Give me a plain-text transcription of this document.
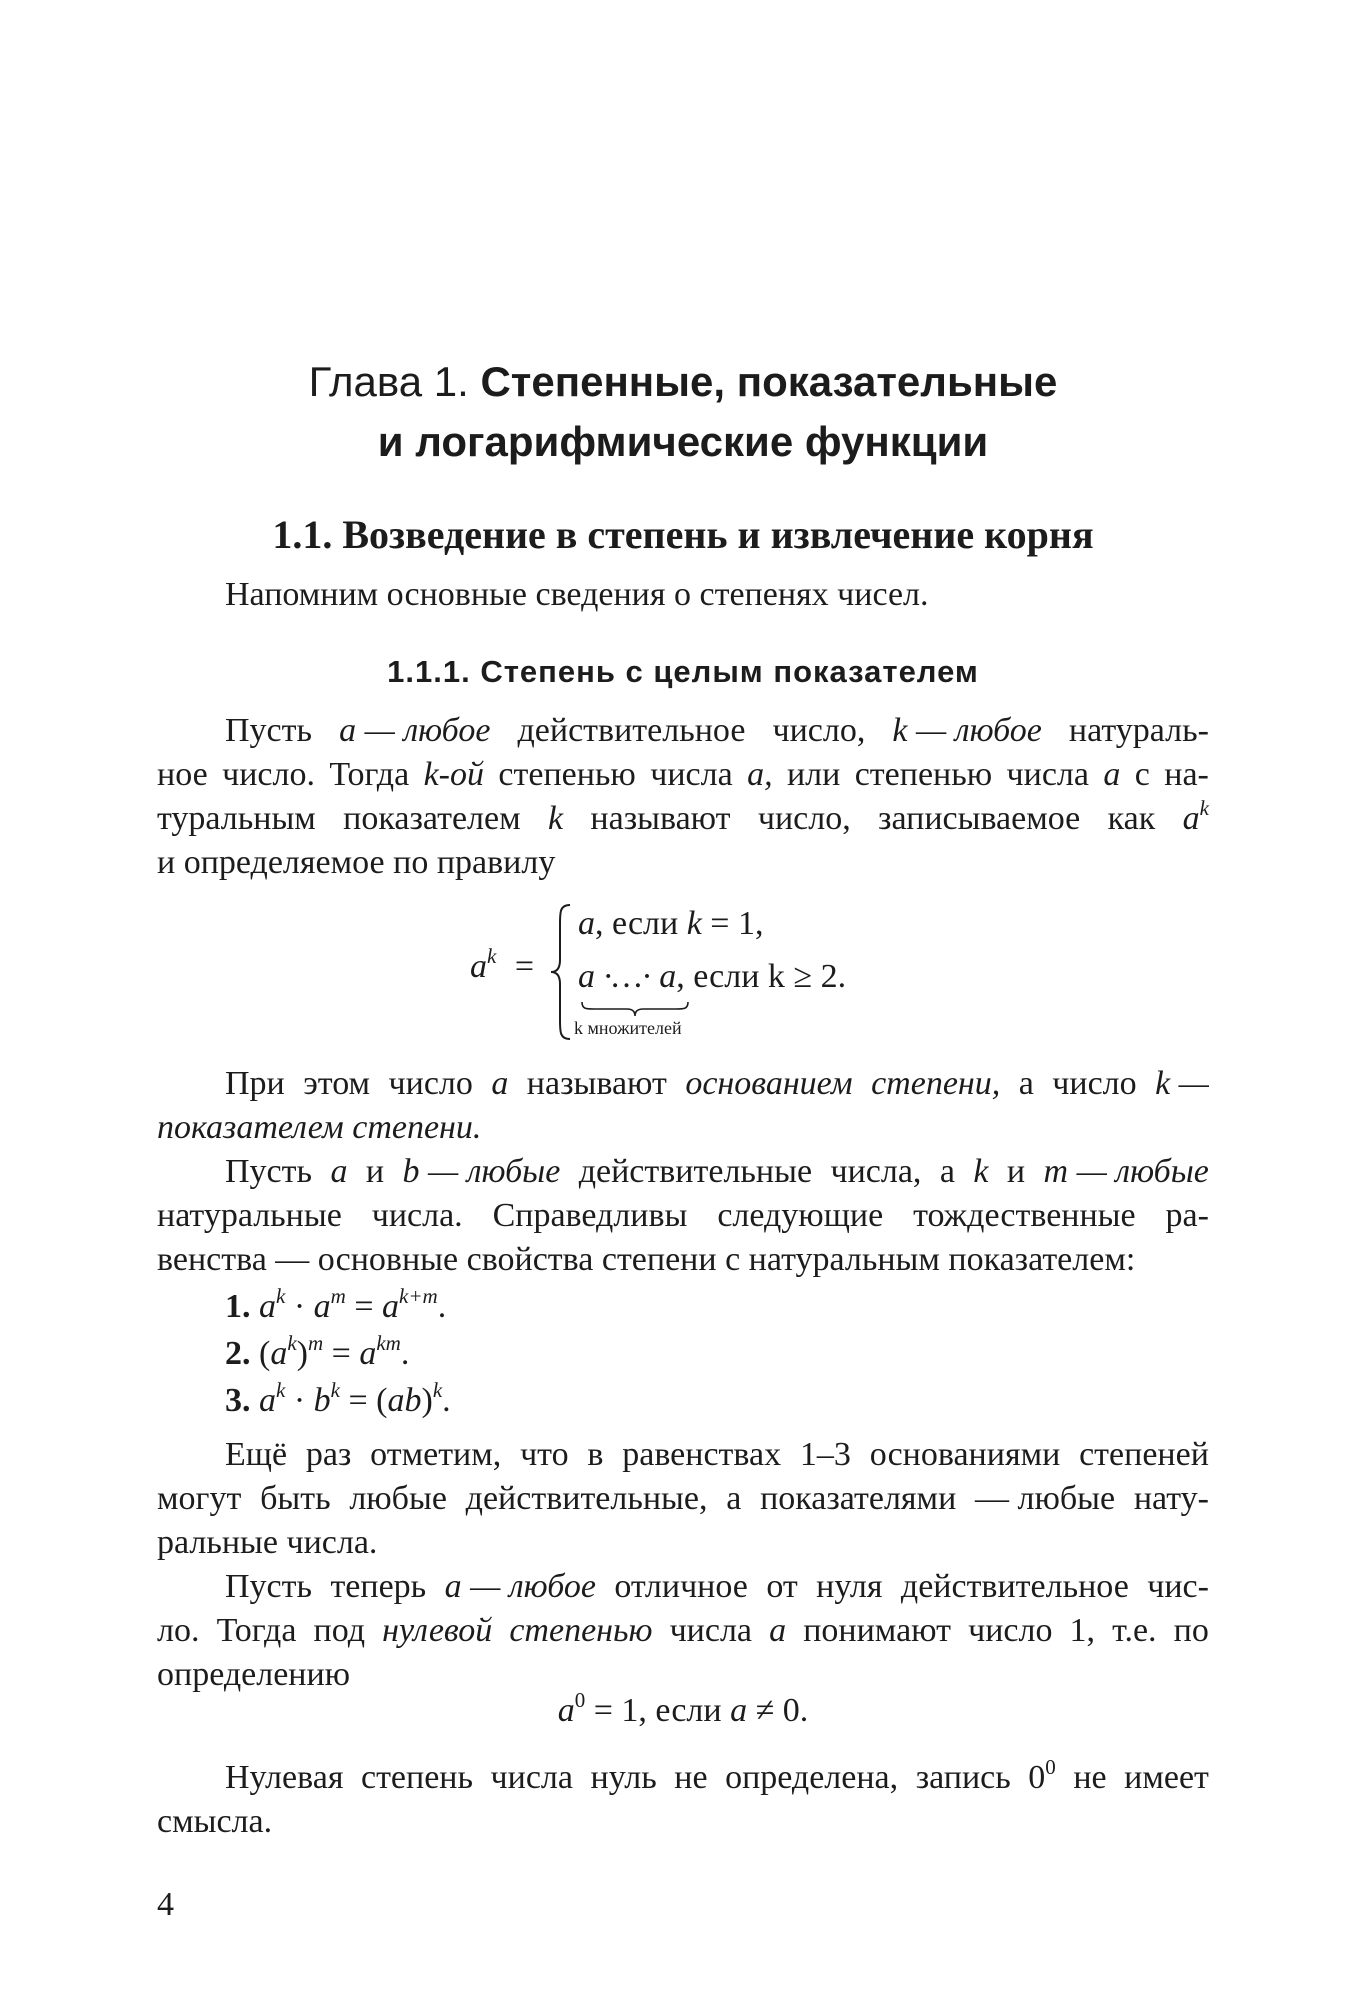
Глава 1. Степенные, показательные
и логарифмические функции
1.1. Возведение в степень и извлечение корня
Напомним основные сведения о степенях чисел.
1.1.1. Степень с целым показателем
Пусть a — любое действительное число, k — любое натураль-
ное число. Тогда k-ой степенью числа a, или степенью числа a с на-
туральным показателем k называют число, записываемое как $a^k$
и определяемое по правилу
$a^k$ =
a, если k = 1,
a ·…· a, если k ≥ 2.
k множителей
При этом число a называют основанием степени, а число k —
показателем степени.
Пусть a и b — любые действительные числа, а k и m — любые
натуральные числа. Справедливы следующие тождественные ра-
венства — основные свойства степени с натуральным показателем:
1. $a^k \cdot a^m = a^{k+m}$.
2. $(a^k)^m = a^{km}$.
3. $a^k \cdot b^k = (ab)^k$.
Ещё раз отметим, что в равенствах 1–3 основаниями степеней
могут быть любые действительные, а показателями — любые нату-
ральные числа.
Пусть теперь a — любое отличное от нуля действительное чис-
ло. Тогда под нулевой степенью числа a понимают число 1, т.е. по
определению
$a^0 = 1$, если a ≠ 0.
Нулевая степень числа нуль не определена, запись $0^0$ не имеет
смысла.
4
